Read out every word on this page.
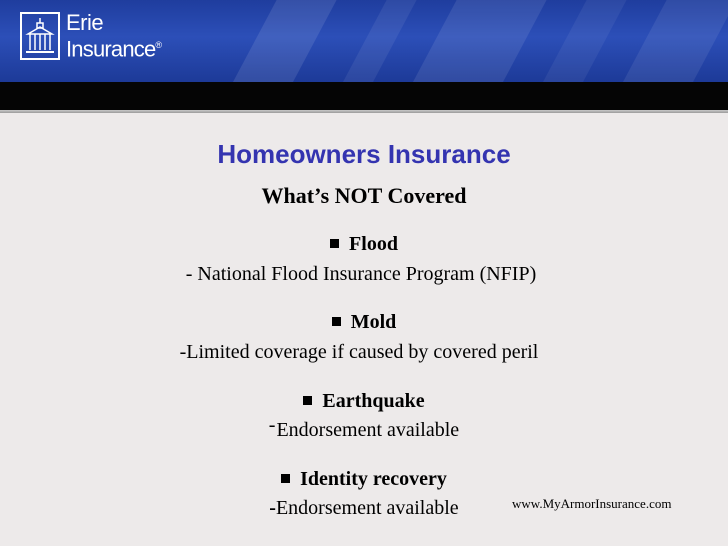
Erie
Insurance®
Homeowners Insurance
What’s NOT Covered
Flood
- National Flood Insurance Program (NFIP)
Mold
-Limited coverage if caused by covered peril
Earthquake
-Endorsement available
Identity recovery
-Endorsement available	www.MyArmorInsurance.com
